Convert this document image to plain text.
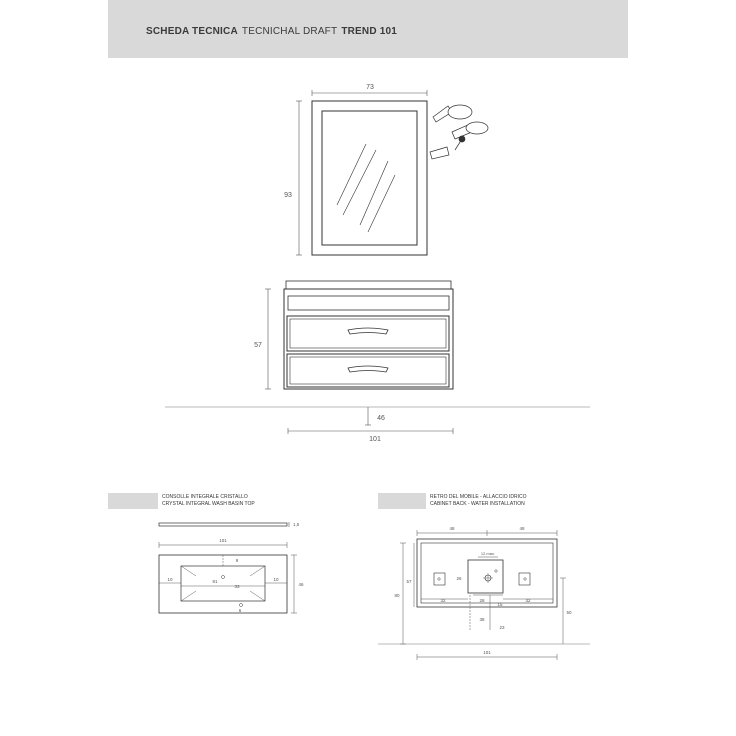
SCHEDA TECNICA TECNICHAL DRAFT TREND 101
73
93
57
46
101
1,5
101
46
10	10
81
33
9
6
48	48
12 max.
57
80
26
32	32
28
15
50
38
23
101
CONSOLLE INTEGRALE CRISTALLO
CRYSTAL INTEGRAL WASH BASIN TOP
RETRO DEL MOBILE - ALLACCIO IDRICO
CABINET BACK - WATER INSTALLATION
